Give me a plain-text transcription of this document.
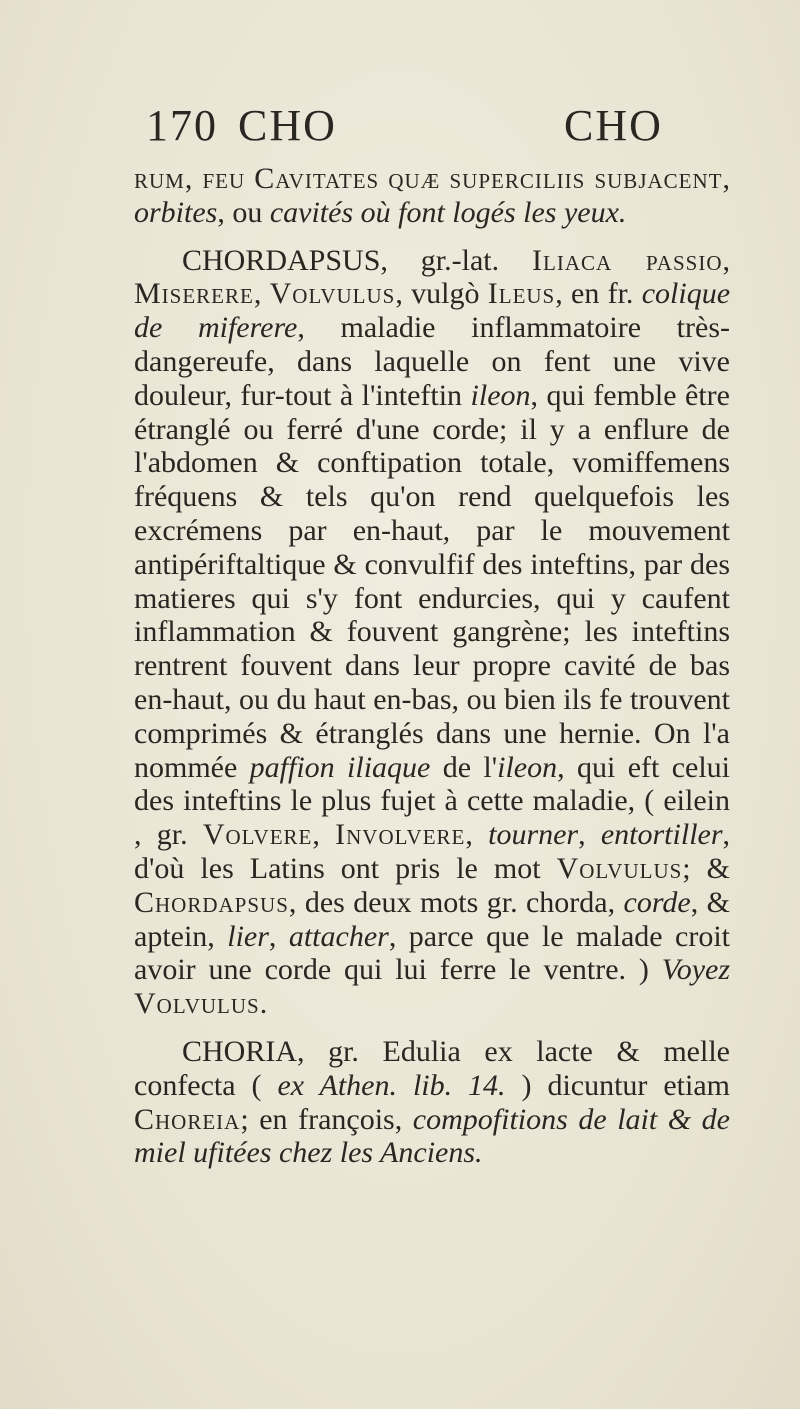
170 CHO	CHO

rum, feu Cavitates quæ superciliis subjacent, orbites, ou cavités où font logés les yeux.

CHORDAPSUS, gr.-lat. Iliaca passio, Miserere, Volvulus, vulgò Ileus, en fr. colique de miferere, maladie inflammatoire très-dangereufe, dans laquelle on fent une vive douleur, fur-tout à l'inteftin ileon, qui femble être étranglé ou ferré d'une corde; il y a enflure de l'abdomen & conftipation totale, vomiffemens fréquens & tels qu'on rend quelquefois les excrémens par en-haut, par le mouvement antipériftaltique & convulfif des inteftins, par des matieres qui s'y font endurcies, qui y caufent inflammation & fouvent gangrène; les inteftins rentrent fouvent dans leur propre cavité de bas en-haut, ou du haut en-bas, ou bien ils fe trouvent comprimés & étranglés dans une hernie. On l'a nommée paffion iliaque de l'ileon, qui eft celui des inteftins le plus fujet à cette maladie, ( eilein , gr. Volvere, Involvere, tourner, entortiller, d'où les Latins ont pris le mot Volvulus; & Chordapsus, des deux mots gr. chorda, corde, & aptein, lier, attacher, parce que le malade croit avoir une corde qui lui ferre le ventre. ) Voyez Volvulus.

CHORIA, gr. Edulia ex lacte & melle confecta ( ex Athen. lib. 14. ) dicuntur etiam Choreia; en françois, compofitions de lait & de miel ufitées chez les Anciens.
